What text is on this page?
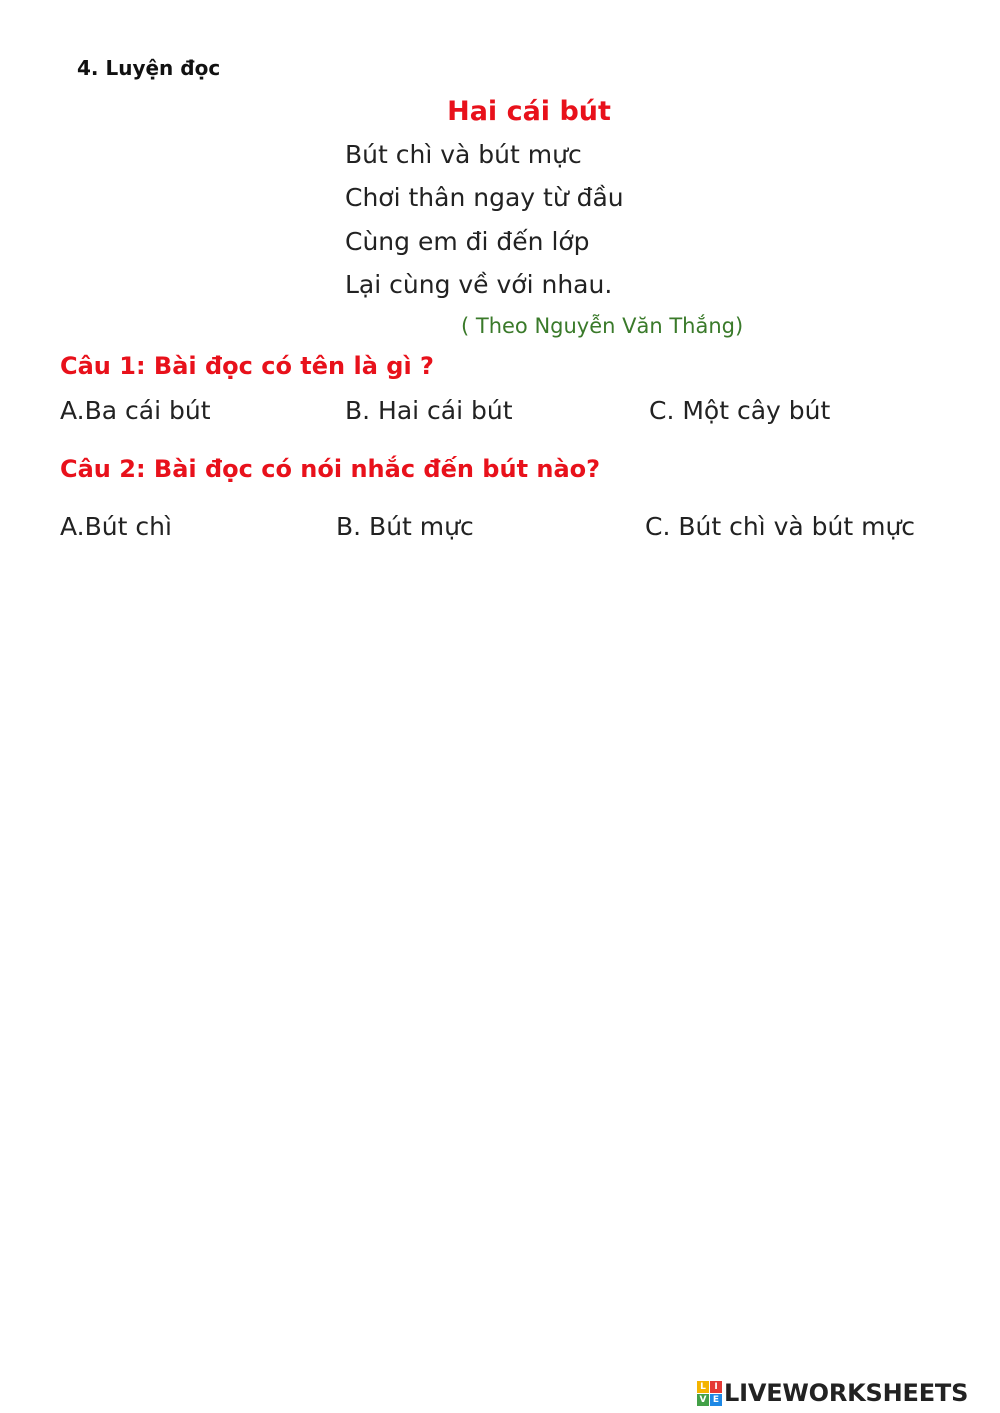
4. Luyện đọc
Hai cái bút
Bút chì và bút mực
Chơi thân ngay từ đầu
Cùng em đi đến lớp
Lại cùng về với nhau.
( Theo Nguyễn Văn Thắng)
Câu 1: Bài đọc có tên là gì ?
A.Ba cái bút	B. Hai cái bút	C. Một cây bút
Câu 2: Bài đọc có nói nhắc đến bút nào?
A.Bút chì	B. Bút mực	C. Bút chì và bút mực
L I
V E LIVEWORKSHEETS
